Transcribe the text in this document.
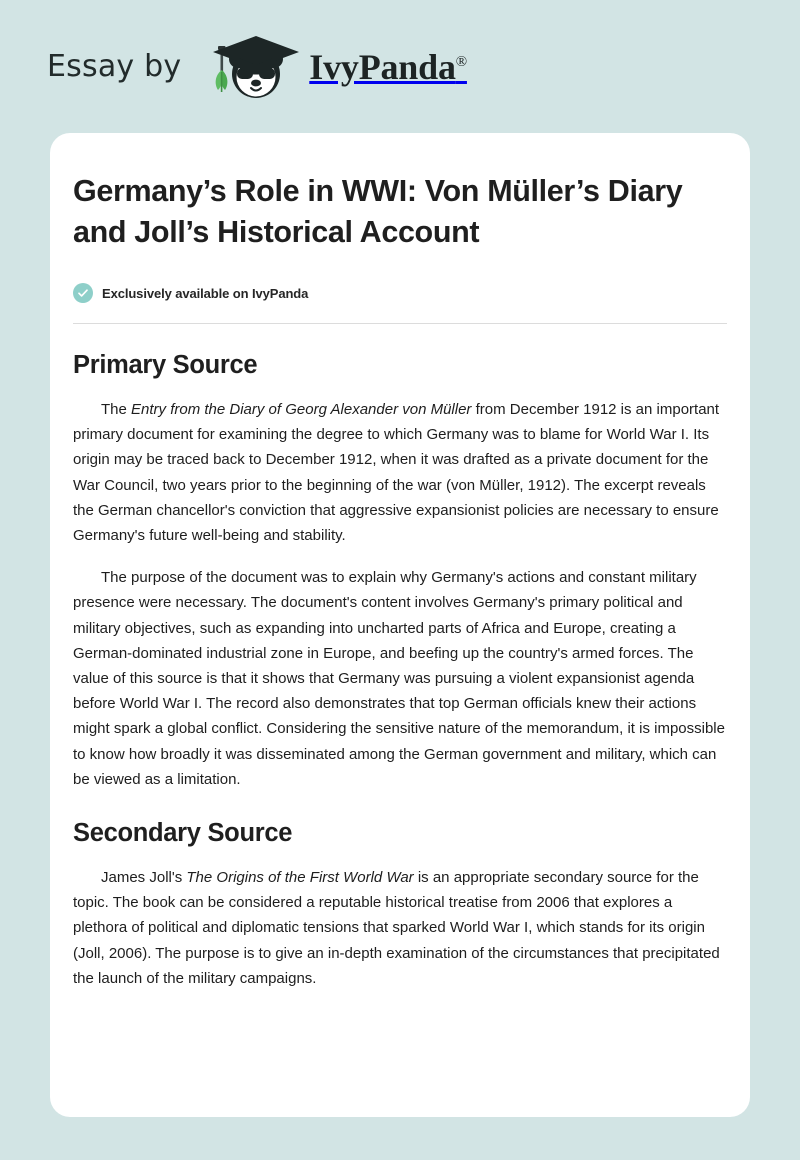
Essay by	IvyPanda®
Germany’s Role in WWI: Von Müller’s Diary and Joll’s Historical Account
Exclusively available on IvyPanda
Primary Source

The Entry from the Diary of Georg Alexander von Müller from December 1912 is an important primary document for examining the degree to which Germany was to blame for World War I. Its origin may be traced back to December 1912, when it was drafted as a private document for the War Council, two years prior to the beginning of the war (von Müller, 1912). The excerpt reveals the German chancellor's conviction that aggressive expansionist policies are necessary to ensure Germany's future well-being and stability.

The purpose of the document was to explain why Germany's actions and constant military presence were necessary. The document's content involves Germany's primary political and military objectives, such as expanding into uncharted parts of Africa and Europe, creating a German-dominated industrial zone in Europe, and beefing up the country's armed forces. The value of this source is that it shows that Germany was pursuing a violent expansionist agenda before World War I. The record also demonstrates that top German officials knew their actions might spark a global conflict. Considering the sensitive nature of the memorandum, it is impossible to know how broadly it was disseminated among the German government and military, which can be viewed as a limitation.

Secondary Source

James Joll's The Origins of the First World War is an appropriate secondary source for the topic. The book can be considered a reputable historical treatise from 2006 that explores a plethora of political and diplomatic tensions that sparked World War I, which stands for its origin (Joll, 2006). The purpose is to give an in-depth examination of the circumstances that precipitated the launch of the military campaigns.
